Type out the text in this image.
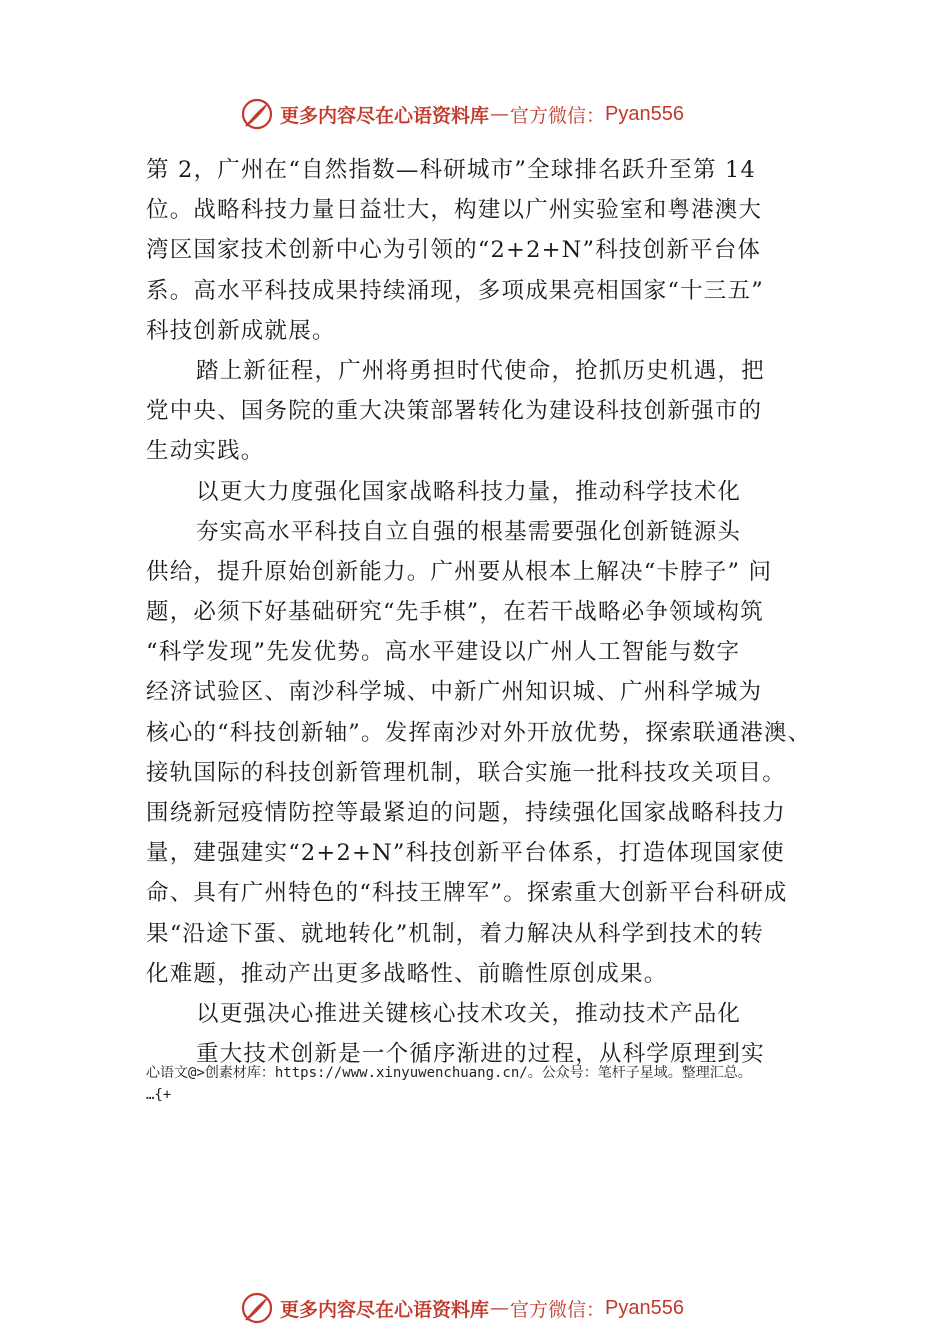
更多内容尽在心语资料库 — 官方微信： Pyan556
第 2，广州在“自然指数—科研城市”全球排名跃升至第 14
位。战略科技力量日益壮大，构建以广州实验室和粤港澳大
湾区国家技术创新中心为引领的“2+2+N”科技创新平台体
系。高水平科技成果持续涌现，多项成果亮相国家“十三五”
科技创新成就展。
踏上新征程，广州将勇担时代使命，抢抓历史机遇，把
党中央、国务院的重大决策部署转化为建设科技创新强市的
生动实践。
以更大力度强化国家战略科技力量，推动科学技术化
夯实高水平科技自立自强的根基需要强化创新链源头
供给，提升原始创新能力。广州要从根本上解决“卡脖子” 问
题，必须下好基础研究“先手棋”，在若干战略必争领域构筑
“科学发现”先发优势。高水平建设以广州人工智能与数字
经济试验区、南沙科学城、中新广州知识城、广州科学城为
核心的“科技创新轴”。发挥南沙对外开放优势，探索联通港澳、
接轨国际的科技创新管理机制，联合实施一批科技攻关项目。
围绕新冠疫情防控等最紧迫的问题，持续强化国家战略科技力
量，建强建实“2+2+N”科技创新平台体系，打造体现国家使
命、具有广州特色的“科技王牌军”。探索重大创新平台科研成
果“沿途下蛋、就地转化”机制，着力解决从科学到技术的转
化难题，推动产出更多战略性、前瞻性原创成果。
以更强决心推进关键核心技术攻关，推动技术产品化
重大技术创新是一个循序渐进的过程，从科学原理到实
心语文@>创素材库：https://www.xinyuwenchuang.cn/。公众号：笔杆子星域。整理汇总。
…{+
更多内容尽在心语资料库 — 官方微信： Pyan556
